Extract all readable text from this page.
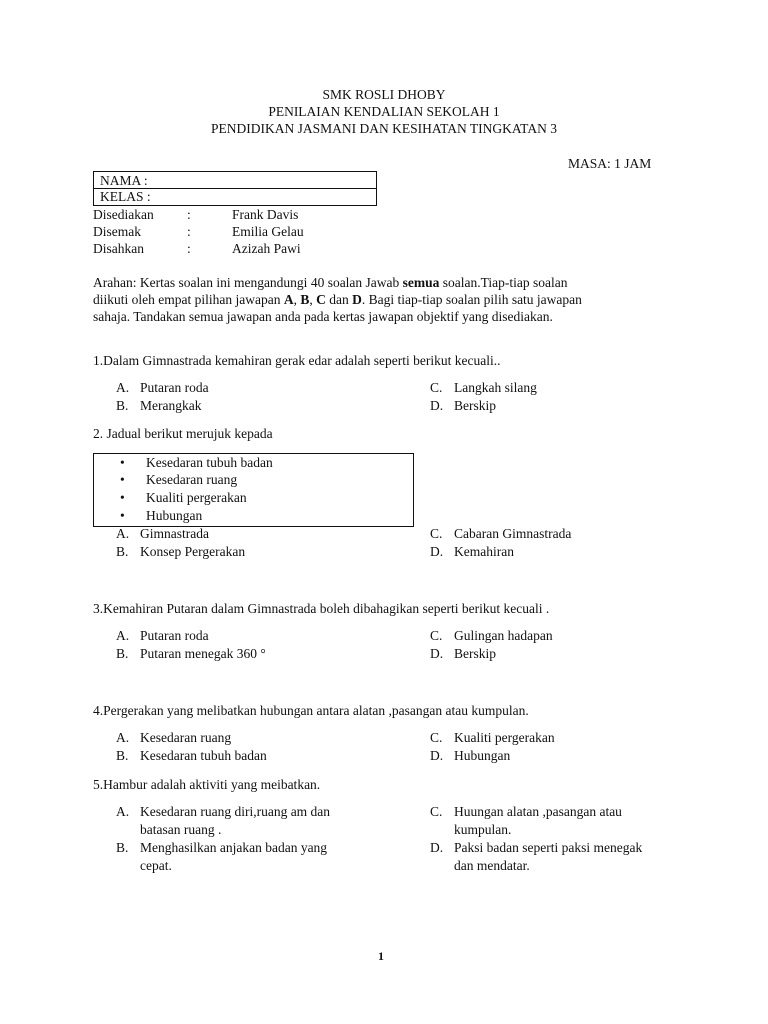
SMK ROSLI DHOBY
PENILAIAN KENDALIAN SEKOLAH 1
PENDIDIKAN JASMANI DAN KESIHATAN TINGKATAN 3
MASA: 1 JAM
NAMA :
KELAS :
Disediakan :	Frank Davis
Disemak	:	Emilia Gelau
Disahkan	:	Azizah Pawi
Arahan: Kertas soalan ini mengandungi 40 soalan Jawab semua soalan.Tiap-tiap soalan
diikuti oleh empat pilihan jawapan A, B, C dan D. Bagi tiap-tiap soalan pilih satu jawapan
sahaja. Tandakan semua jawapan anda pada kertas jawapan objektif yang disediakan.
1.Dalam Gimnastrada kemahiran gerak edar adalah seperti berikut kecuali..
A. Putaran roda
B. Merangkak
C. Langkah silang
D. Berskip
2. Jadual berikut merujuk kepada
• Kesedaran tubuh badan
• Kesedaran ruang
• Kualiti pergerakan
• Hubungan
A. Gimnastrada
B. Konsep Pergerakan
C. Cabaran Gimnastrada
D. Kemahiran
3.Kemahiran Putaran dalam Gimnastrada boleh dibahagikan seperti berikut kecuali .
A. Putaran roda
B. Putaran menegak 360 °
C. Gulingan hadapan
D. Berskip
4.Pergerakan yang melibatkan hubungan antara alatan ,pasangan atau kumpulan.
A. Kesedaran ruang
B. Kesedaran tubuh badan
C. Kualiti pergerakan
D. Hubungan
5.Hambur adalah aktiviti yang meibatkan.
A. Kesedaran ruang diri,ruang am dan
batasan ruang .
B. Menghasilkan anjakan badan yang
cepat.
C. Huungan alatan ,pasangan atau
kumpulan.
D. Paksi badan seperti paksi menegak
dan mendatar.
1
